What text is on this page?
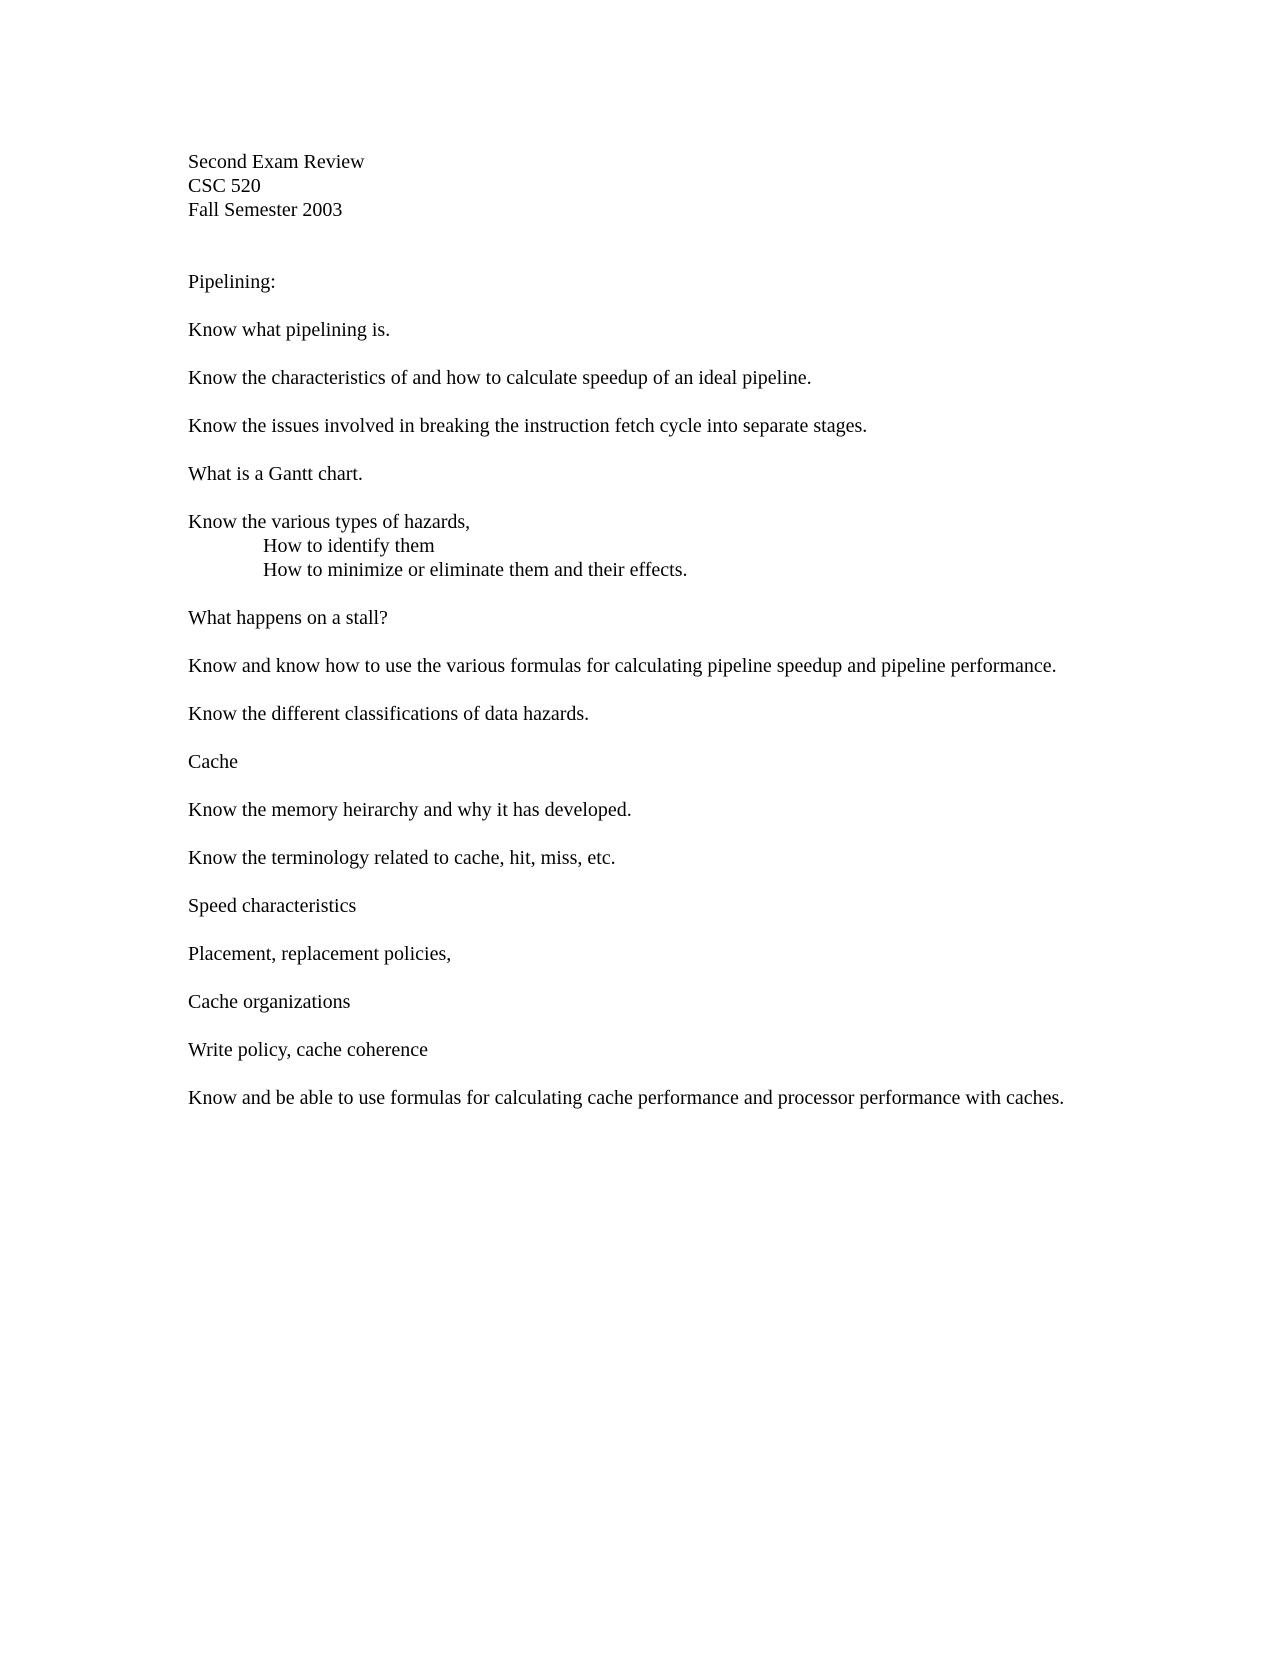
Second Exam Review
CSC 520
Fall Semester 2003
Pipelining:
Know what pipelining is.
Know the characteristics of and how to calculate speedup of an ideal pipeline.
Know the issues involved in breaking the instruction fetch cycle into separate stages.
What is a Gantt chart.
Know the various types of hazards,
How to identify them
How to minimize or eliminate them and their effects.
What happens on a stall?
Know and know how to use the various formulas for calculating pipeline speedup and pipeline performance.
Know the different classifications of data hazards.
Cache
Know the memory heirarchy and why it has developed.
Know the terminology related to cache, hit, miss, etc.
Speed characteristics
Placement, replacement policies,
Cache organizations
Write policy, cache coherence
Know and be able to use formulas for calculating cache performance and processor performance with caches.
